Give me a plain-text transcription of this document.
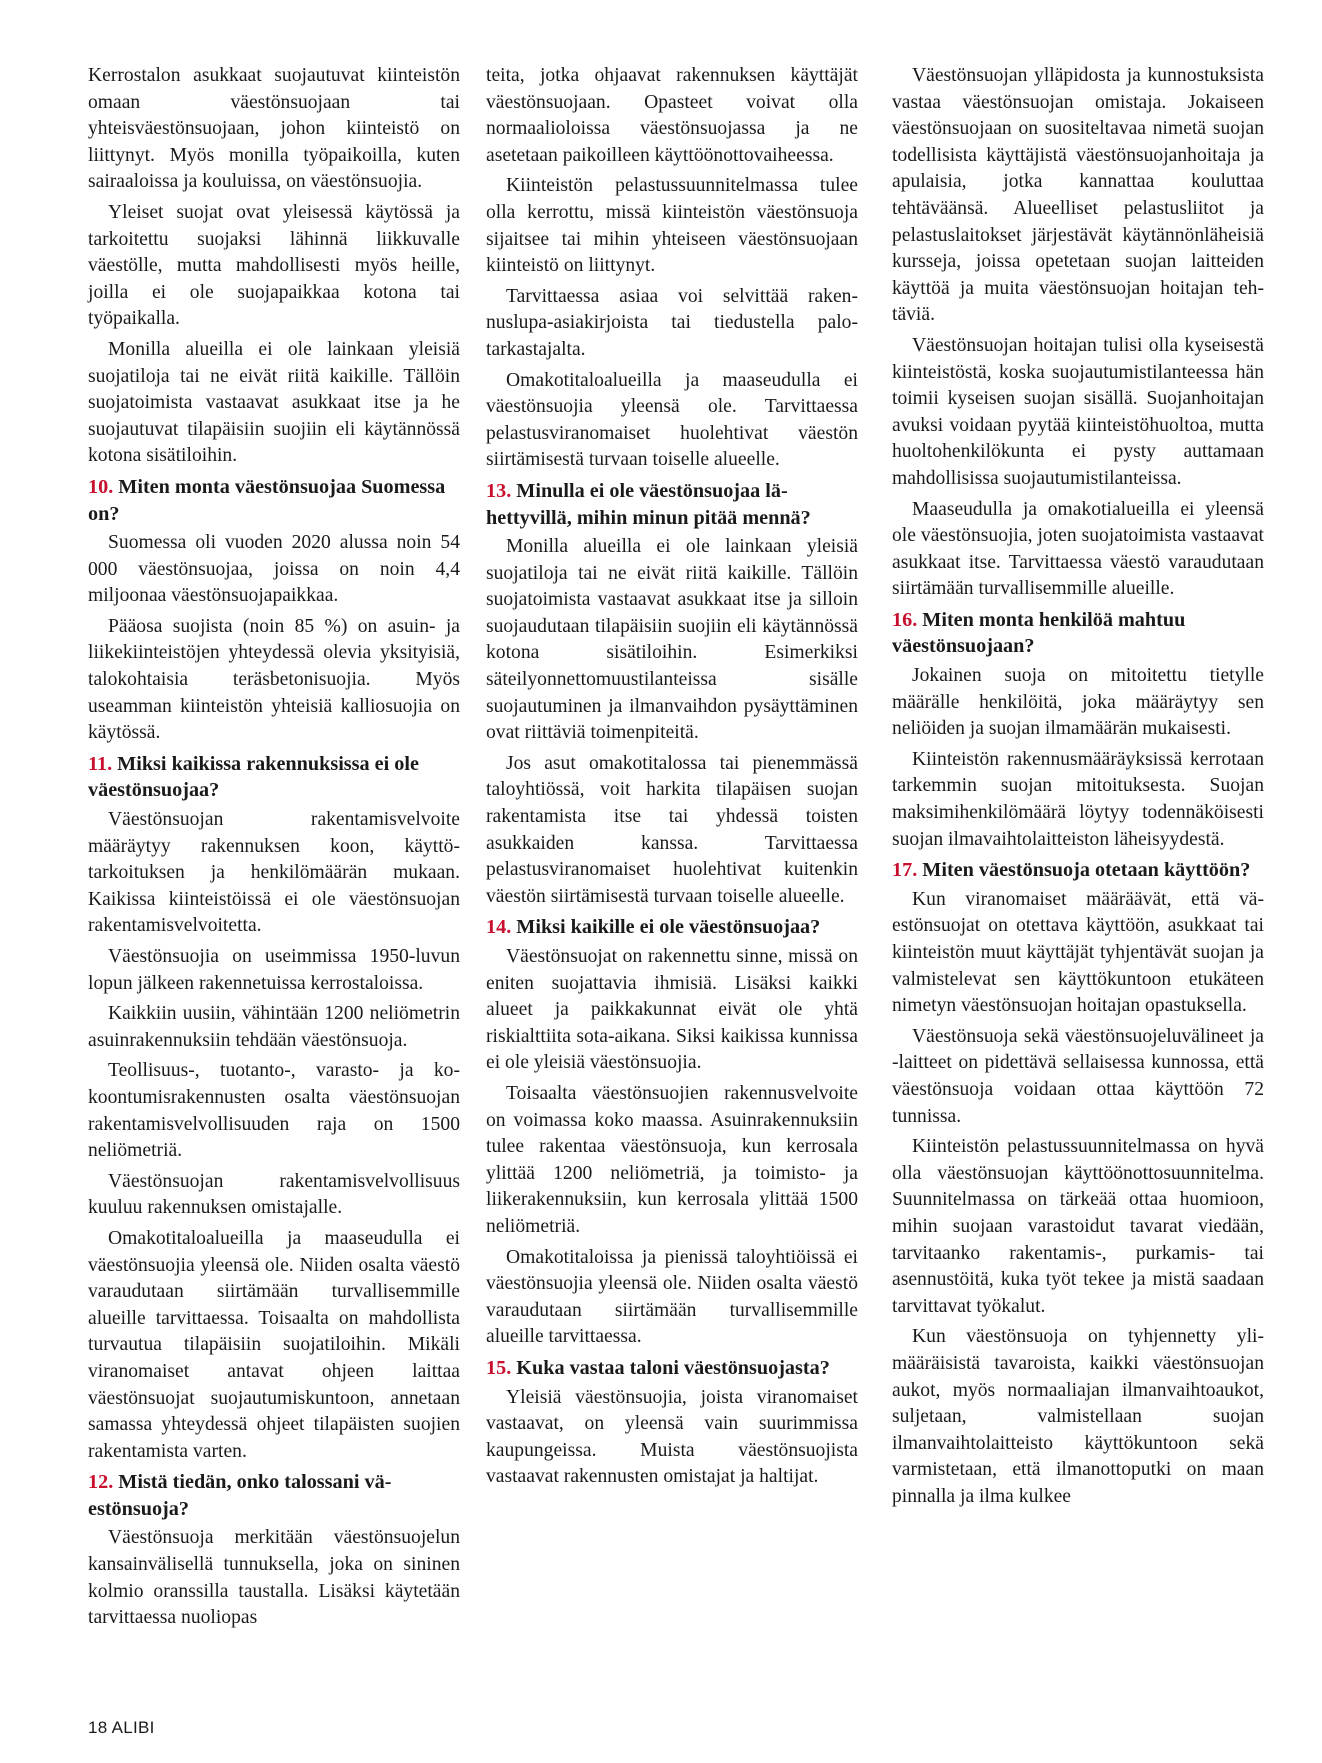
Kerrostalon asukkaat suojautuvat kiinteistön omaan väestönsuojaan tai yhteisväestönsuojaan, johon kiinteistö on liittynyt. Myös monilla työpaikoilla, kuten sairaaloissa ja kouluissa, on väestönsuojia.

Yleiset suojat ovat yleisessä käytössä ja tarkoitettu suojaksi lähinnä liikkuvalle väestölle, mutta mahdollisesti myös heille, joilla ei ole suojapaikkaa kotona tai työpaikalla.

Monilla alueilla ei ole lainkaan yleisiä suojatiloja tai ne eivät riitä kaikille. Tällöin suojatoimista vastaavat asukkaat itse ja he suojautuvat tilapäisiin suojiin eli käytännössä kotona sisätiloihin.

10. Miten monta väestönsuojaa Suomessa on?

Suomessa oli vuoden 2020 alussa noin 54 000 väestönsuojaa, joissa on noin 4,4 miljoonaa väestönsuojapaikkaa.

Pääosa suojista (noin 85 %) on asuin- ja liikekiinteistöjen yhteydessä olevia yksityisiä, talokohtaisia teräsbetonisuojia. Myös useamman kiinteistön yhteisiä kalliosuojia on käytössä.

11. Miksi kaikissa rakennuksissa ei ole väestönsuojaa?

Väestönsuojan rakentamisvelvoite määräytyy rakennuksen koon, käyttötarkoituksen ja henkilömäärän mukaan. Kaikissa kiinteistöissä ei ole väestönsuojan rakentamisvelvoitetta.

Väestönsuojia on useimmissa 1950-luvun lopun jälkeen rakennetuissa kerrostaloissa.

Kaikkiin uusiin, vähintään 1200 neliömetrin asuinrakennuksiin tehdään väestönsuoja.

Teollisuus-, tuotanto-, varasto- ja kokoontumisrakennusten osalta väestönsuojan rakentamisvelvollisuuden raja on 1500 neliömetriä.

Väestönsuojan rakentamisvelvollisuus kuuluu rakennuksen omistajalle.

Omakotitaloalueilla ja maaseudulla ei väestönsuojia yleensä ole. Niiden osalta väestö varaudutaan siirtämään turvallisemmille alueille tarvittaessa. Toisaalta on mahdollista turvautua tilapäisiin suojatiloihin. Mikäli viranomaiset antavat ohjeen laittaa väestönsuojat suojautumiskuntoon, annetaan samassa yhteydessä ohjeet tilapäisten suojien rakentamista varten.

12. Mistä tiedän, onko talossani väestönsuoja?

Väestönsuoja merkitään väestönsuojelun kansainvälisellä tunnuksella, joka on sininen kolmio oranssilla taustalla. Lisäksi käytetään tarvittaessa nuoliopas

teita, jotka ohjaavat rakennuksen käyttäjät väestönsuojaan. Opasteet voivat olla normaalioloissa väestönsuojassa ja ne asetetaan paikoilleen käyttöönottovaiheessa.

Kiinteistön pelastussuunnitelmassa tulee olla kerrottu, missä kiinteistön väestönsuoja sijaitsee tai mihin yhteiseen väestönsuojaan kiinteistö on liittynyt.

Tarvittaessa asiaa voi selvittää rakennuslupa-asiakirjoista tai tiedustella palotarkastajalta.

Omakotitaloalueilla ja maaseudulla ei väestönsuojia yleensä ole. Tarvittaessa pelastusviranomaiset huolehtivat väestön siirtämisestä turvaan toiselle alueelle.

13. Minulla ei ole väestönsuojaa lähettyvillä, mihin minun pitää mennä?

Monilla alueilla ei ole lainkaan yleisiä suojatiloja tai ne eivät riitä kaikille. Tällöin suojatoimista vastaavat asukkaat itse ja silloin suojaudutaan tilapäisiin suojiin eli käytännössä kotona sisätiloihin. Esimerkiksi säteilyonnettomuustilanteissa sisälle suojautuminen ja ilmanvaihdon pysäyttäminen ovat riittäviä toimenpiteitä.

Jos asut omakotitalossa tai pienemmässä taloyhtiössä, voit harkita tilapäisen suojan rakentamista itse tai yhdessä toisten asukkaiden kanssa. Tarvittaessa pelastusviranomaiset huolehtivat kuitenkin väestön siirtämisestä turvaan toiselle alueelle.

14. Miksi kaikille ei ole väestönsuojaa?

Väestönsuojat on rakennettu sinne, missä on eniten suojattavia ihmisiä. Lisäksi kaikki alueet ja paikkakunnat eivät ole yhtä riskialttiita sota-aikana. Siksi kaikissa kunnissa ei ole yleisiä väestönsuojia.

Toisaalta väestönsuojien rakennusvelvoite on voimassa koko maassa. Asuinrakennuksiin tulee rakentaa väestönsuoja, kun kerrosala ylittää 1200 neliömetriä, ja toimisto- ja liikerakennuksiin, kun kerrosala ylittää 1500 neliömetriä.

Omakotitaloissa ja pienissä taloyhtiöissä ei väestönsuojia yleensä ole. Niiden osalta väestö varaudutaan siirtämään turvallisemmille alueille tarvittaessa.

15. Kuka vastaa taloni väestönsuojasta?

Yleisiä väestönsuojia, joista viranomaiset vastaavat, on yleensä vain suurimmissa kaupungeissa. Muista väestönsuojista vastaavat rakennusten omistajat ja haltijat.

Väestönsuojan ylläpidosta ja kunnostuksista vastaa väestönsuojan omistaja. Jokaiseen väestönsuojaan on suositeltavaa nimetä suojan todellisista käyttäjistä väestönsuojanhoitaja ja apulaisia, jotka kannattaa kouluttaa tehtäväänsä. Alueelliset pelastusliitot ja pelastuslaitokset järjestävät käytännönläheisiä kursseja, joissa opetetaan suojan laitteiden käyttöä ja muita väestönsuojan hoitajan tehtäviä.

Väestönsuojan hoitajan tulisi olla kyseisestä kiinteistöstä, koska suojautumistilanteessa hän toimii kyseisen suojan sisällä. Suojanhoitajan avuksi voidaan pyytää kiinteistöhuoltoa, mutta huoltohenkilökunta ei pysty auttamaan mahdollisissa suojautumistilanteissa.

Maaseudulla ja omakotialueilla ei yleensä ole väestönsuojia, joten suojatoimista vastaavat asukkaat itse. Tarvittaessa väestö varaudutaan siirtämään turvallisemmille alueille.

16. Miten monta henkilöä mahtuu väestönsuojaan?

Jokainen suoja on mitoitettu tietylle määrälle henkilöitä, joka määräytyy sen neliöiden ja suojan ilmamäärän mukaisesti.

Kiinteistön rakennusmääräyksissä kerrotaan tarkemmin suojan mitoituksesta. Suojan maksimihenkilömäärä löytyy todennäköisesti suojan ilmavaihtolaitteiston läheisyydestä.

17. Miten väestönsuoja otetaan käyttöön?

Kun viranomaiset määräävät, että väestönsuojat on otettava käyttöön, asukkaat tai kiinteistön muut käyttäjät tyhjentävät suojan ja valmistelevat sen käyttökuntoon etukäteen nimetyn väestönsuojan hoitajan opastuksella.

Väestönsuoja sekä väestönsuojeluvälineet ja -laitteet on pidettävä sellaisessa kunnossa, että väestönsuoja voidaan ottaa käyttöön 72 tunnissa.

Kiinteistön pelastussuunnitelmassa on hyvä olla väestönsuojan käyttöönottosuunnitelma. Suunnitelmassa on tärkeää ottaa huomioon, mihin suojaan varastoidut tavarat viedään, tarvitaanko rakentamis-, purkamis- tai asennustöitä, kuka työt tekee ja mistä saadaan tarvittavat työkalut.

Kun väestönsuoja on tyhjennetty ylimääräisistä tavaroista, kaikki väestönsuojan aukot, myös normaaliajan ilmanvaihtoaukot, suljetaan, valmistellaan suojan ilmanvaihtolaitteisto käyttökuntoon sekä varmistetaan, että ilmanottoputki on maan pinnalla ja ilma kulkee

18 ALIBI
